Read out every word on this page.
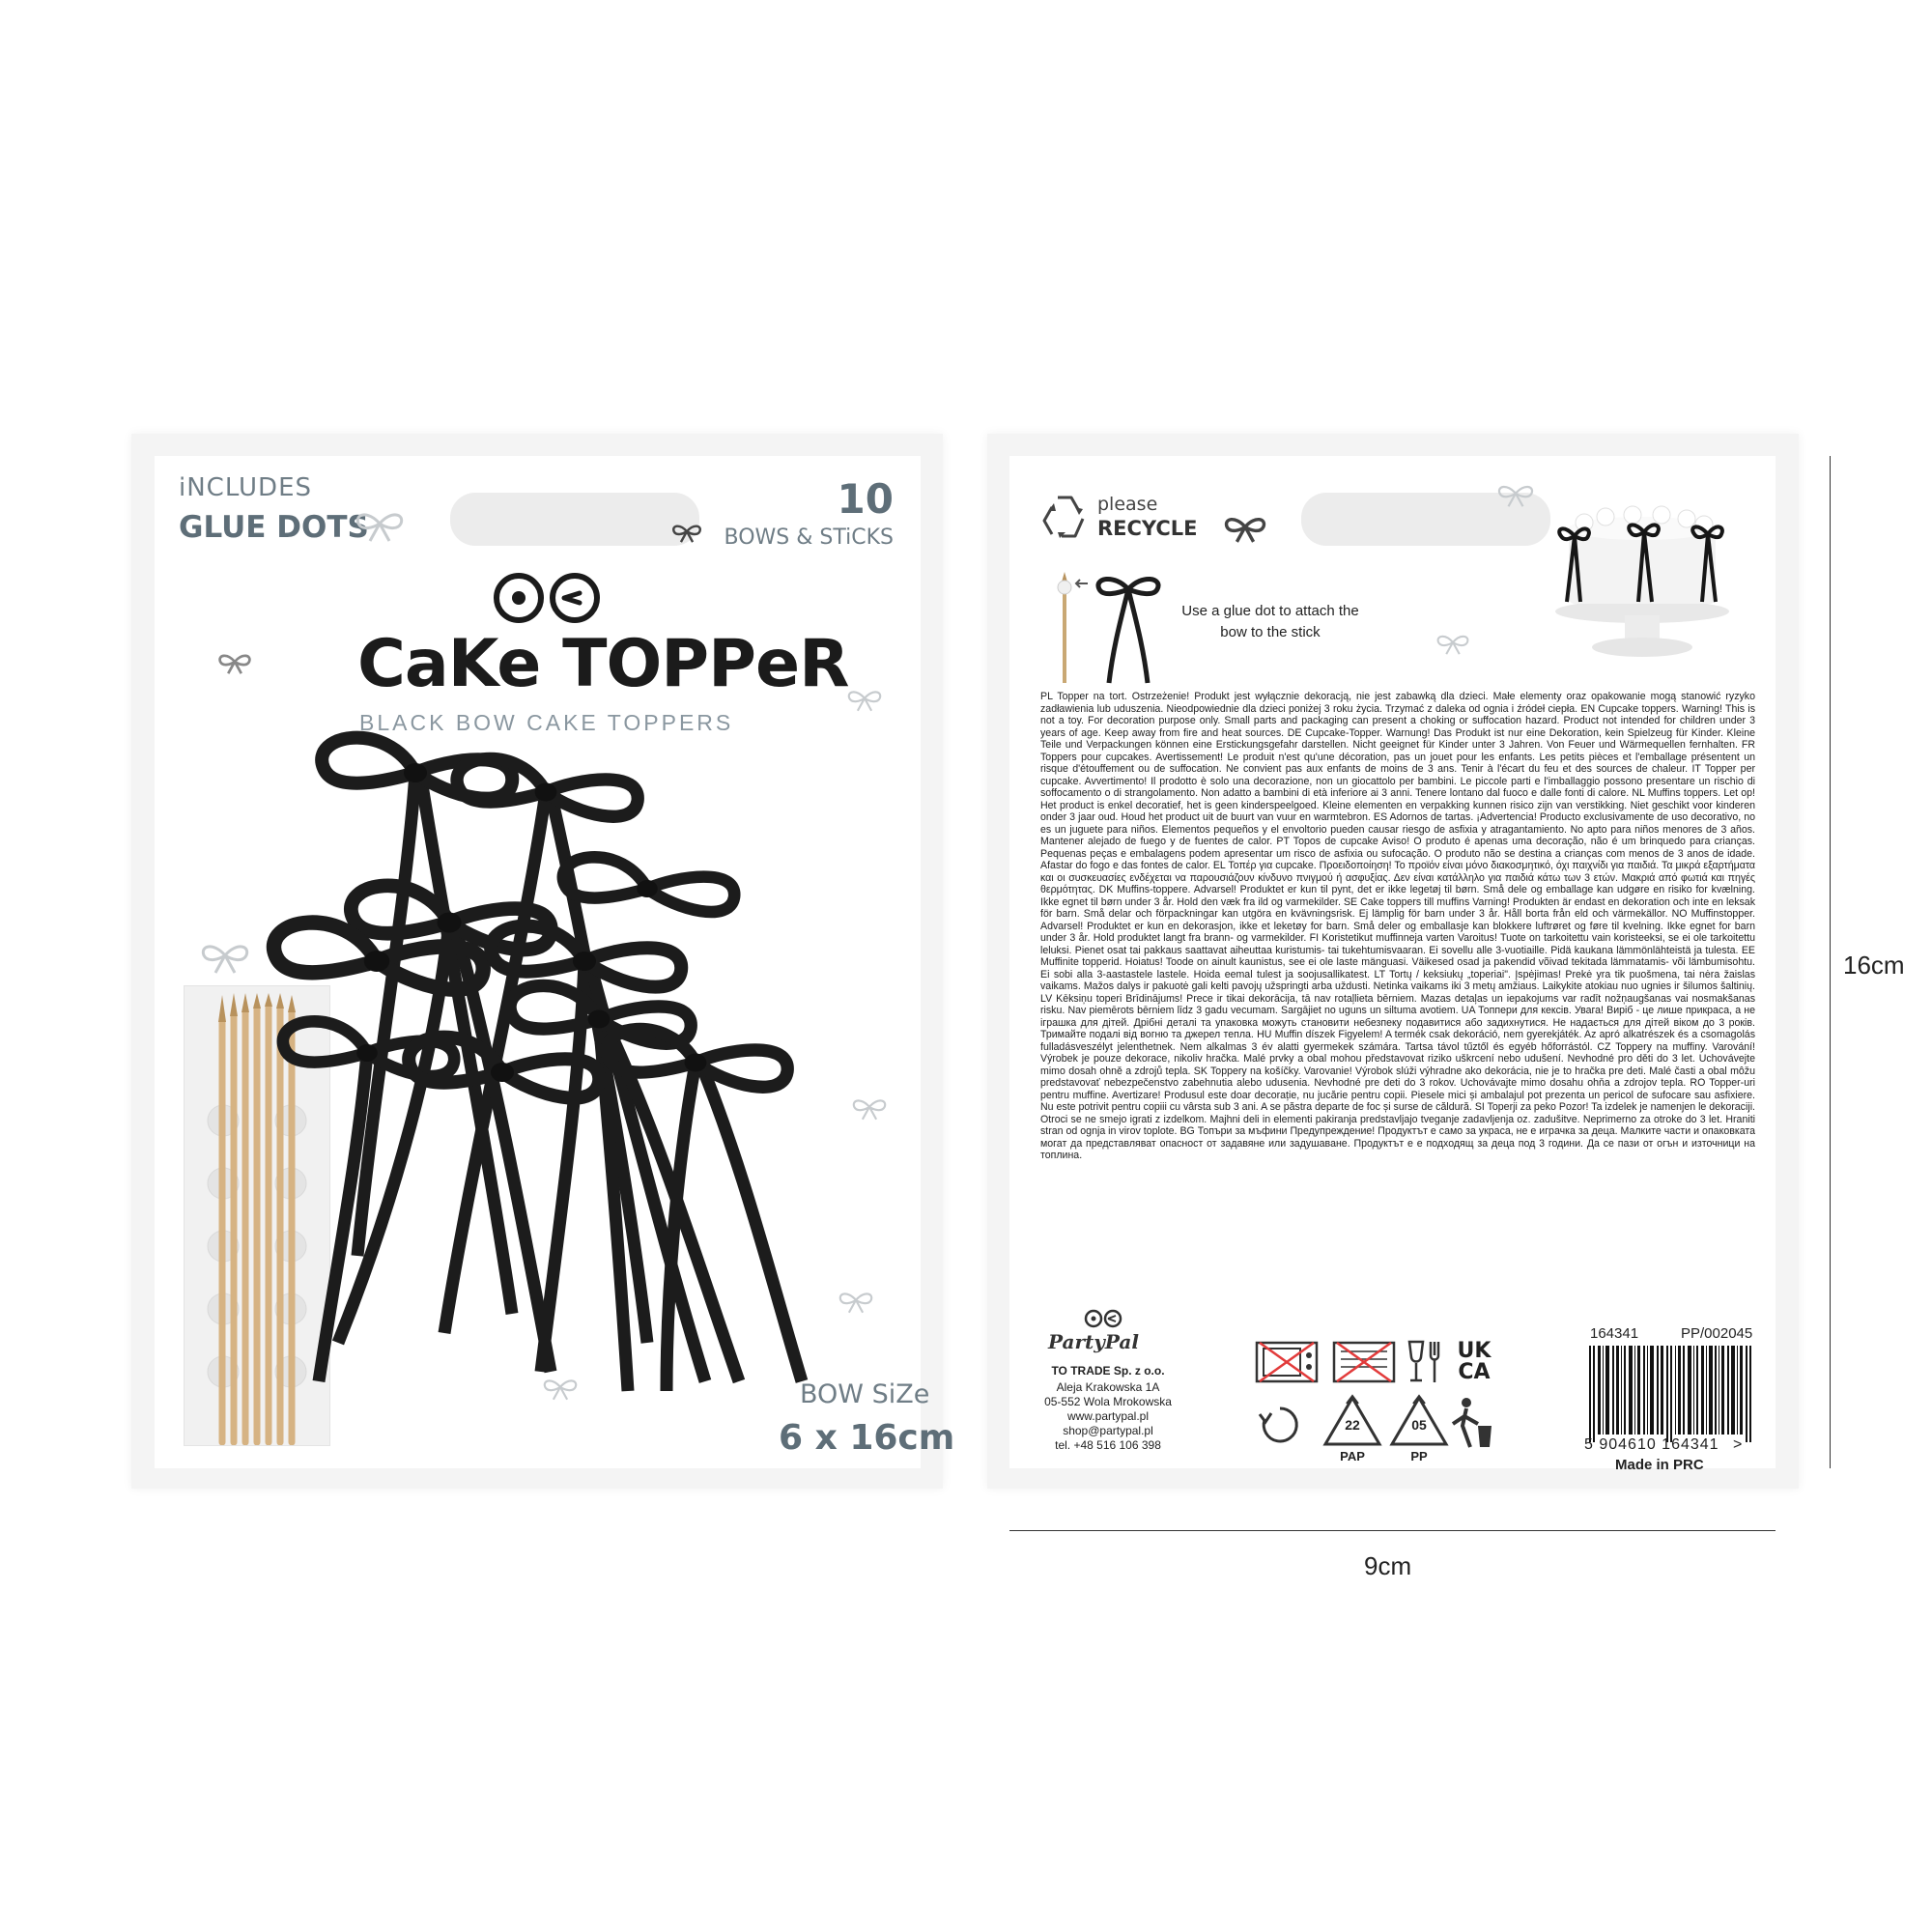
iNCLUDES
GLUE DOTS
10
BOWS & STiCKS
CaKe TOPPeR
BLACK BOW CAKE TOPPERS
BOW SiZe
6 x 16cm
please
RECYCLE
Use a glue dot to attach the bow to the stick
PL Topper na tort. Ostrzeżenie! Produkt jest wyłącznie dekoracją, nie jest zabawką dla dzieci. Małe elementy oraz opakowanie mogą stanowić ryzyko zadławienia lub uduszenia. Nieodpowiednie dla dzieci poniżej 3 roku życia. Trzymać z daleka od ognia i źródeł ciepła. EN Cupcake toppers. Warning! This is not a toy. For decoration purpose only. Small parts and packaging can present a choking or suffocation hazard. Product not intended for children under 3 years of age. Keep away from fire and heat sources. DE Cupcake-Topper. Warnung! Das Produkt ist nur eine Dekoration, kein Spielzeug für Kinder. Kleine Teile und Verpackungen können eine Erstickungsgefahr darstellen. Nicht geeignet für Kinder unter 3 Jahren. Von Feuer und Wärmequellen fernhalten. FR Toppers pour cupcakes. Avertissement! Le produit n'est qu'une décoration, pas un jouet pour les enfants. Les petits pièces et l'emballage présentent un risque d'étouffement ou de suffocation. Ne convient pas aux enfants de moins de 3 ans. Tenir à l'écart du feu et des sources de chaleur. IT Topper per cupcake. Avvertimento! Il prodotto è solo una decorazione, non un giocattolo per bambini. Le piccole parti e l'imballaggio possono presentare un rischio di soffocamento o di strangolamento. Non adatto a bambini di età inferiore ai 3 anni. Tenere lontano dal fuoco e dalle fonti di calore. NL Muffins toppers. Let op! Het product is enkel decoratief, het is geen kinderspeelgoed. Kleine elementen en verpakking kunnen risico zijn van verstikking. Niet geschikt voor kinderen onder 3 jaar oud. Houd het product uit de buurt van vuur en warmtebron. ES Adornos de tartas. ¡Advertencia! Producto exclusivamente de uso decorativo, no es un juguete para niños. Elementos pequeños y el envoltorio pueden causar riesgo de asfixia y atragantamiento. No apto para niños menores de 3 años. Mantener alejado de fuego y de fuentes de calor. PT Topos de cupcake Aviso! O produto é apenas uma decoração, não é um brinquedo para crianças. Pequenas peças e embalagens podem apresentar um risco de asfixia ou sufocação. O produto não se destina a crianças com menos de 3 anos de idade. Afastar do fogo e das fontes de calor. EL Τοπέρ για cupcake. Προειδοποίηση! Το προϊόν είναι μόνο διακοσμητικό, όχι παιχνίδι για παιδιά. Τα μικρά εξαρτήματα και οι συσκευασίες ενδέχεται να παρουσιάζουν κίνδυνο πνιγμού ή ασφυξίας. Δεν είναι κατάλληλο για παιδιά κάτω των 3 ετών. Μακριά από φωτιά και πηγές θερμότητας. DK Muffins-toppere. Advarsel! Produktet er kun til pynt, det er ikke legetøj til børn. Små dele og emballage kan udgøre en risiko for kvælning. Ikke egnet til børn under 3 år. Hold den væk fra ild og varmekilder. SE Cake toppers till muffins Varning! Produkten är endast en dekoration och inte en leksak för barn. Små delar och förpackningar kan utgöra en kvävningsrisk. Ej lämplig för barn under 3 år. Håll borta från eld och värmekällor. NO Muffinstopper. Advarsel! Produktet er kun en dekorasjon, ikke et leketøy for barn. Små deler og emballasje kan blokkere luftrøret og føre til kvelning. Ikke egnet for barn under 3 år. Hold produktet langt fra brann- og varmekilder. FI Koristetikut muffinneja varten Varoitus! Tuote on tarkoitettu vain koristeeksi, se ei ole tarkoitettu leluksi. Pienet osat tai pakkaus saattavat aiheuttaa kuristumis- tai tukehtumisvaaran. Ei sovellu alle 3-vuotiaille. Pidä kaukana lämmönlähteistä ja tulesta. EE Muffinite topperid. Hoiatus! Toode on ainult kaunistus, see ei ole laste mänguasi. Väikesed osad ja pakendid võivad tekitada lämmatamis- või lämbumisohtu. Ei sobi alla 3-aastastele lastele. Hoida eemal tulest ja soojusallikatest. LT Tortų / keksiukų „toperiai". Įspėjimas! Prekė yra tik puošmena, tai nėra žaislas vaikams. Mažos dalys ir pakuotė gali kelti pavojų užspringti arba uždusti. Netinka vaikams iki 3 metų amžiaus. Laikykite atokiau nuo ugnies ir šilumos šaltinių. LV Kēksiņu toperi Brīdinājums! Prece ir tikai dekorācija, tā nav rotaļlieta bērniem. Mazas detaļas un iepakojums var radīt nožņaugšanas vai nosmakšanas risku. Nav piemērots bērniem līdz 3 gadu vecumam. Sargājiet no uguns un siltuma avotiem. UA Топпери для кексів. Увага! Виріб - це лише прикраса, а не іграшка для дітей. Дрібні деталі та упаковка можуть становити небезпеку подавитися або задихнутися. Не надається для дітей віком до 3 років. Тримайте подалі від вогню та джерел тепла. HU Muffin díszek Figyelem! A termék csak dekoráció, nem gyerekjáték. Az apró alkatrészek és a csomagolás fulladásveszélyt jelenthetnek. Nem alkalmas 3 év alatti gyermekek számára. Tartsa távol tűztől és egyéb hőforrástól. CZ Toppery na muffiny. Varování! Výrobek je pouze dekorace, nikoliv hračka. Malé prvky a obal mohou představovat riziko uškrcení nebo udušení. Nevhodné pro děti do 3 let. Uchovávejte mimo dosah ohně a zdrojů tepla. SK Toppery na košíčky. Varovanie! Výrobok slúži výhradne ako dekorácia, nie je to hračka pre deti. Malé časti a obal môžu predstavovať nebezpečenstvo zabehnutia alebo udusenia. Nevhodné pre deti do 3 rokov. Uchovávajte mimo dosahu ohňa a zdrojov tepla. RO Topper-uri pentru muffine. Avertizare! Produsul este doar decorație, nu jucărie pentru copii. Piesele mici și ambalajul pot prezenta un pericol de sufocare sau asfixiere. Nu este potrivit pentru copiii cu vârsta sub 3 ani. A se păstra departe de foc și surse de căldură. SI Toperji za peko Pozor! Ta izdelek je namenjen le dekoraciji. Otroci se ne smejo igrati z izdelkom. Majhni deli in elementi pakiranja predstavljajo tveganje zadavljenja oz. zadušitve. Neprimerno za otroke do 3 let. Hraniti stran od ognja in virov toplote. BG Топъри за мъфини Предупреждение! Продуктът е само за украса, не е играчка за деца. Малките части и опаковката могат да представляват опасност от задавяне или задушаване. Продуктът е е подходящ за деца под 3 години. Да се пази от огън и източници на топлина.
PartyPal
TO TRADE Sp. z o.o.
Aleja Krakowska 1A
05-552 Wola Mrokowska
www.partypal.pl
shop@partypal.pl
tel. +48 516 106 398
UK
CA
22
PAP
05
PP
164341	PP/002045
5 904610 164341 >
Made in PRC
16cm
9cm
